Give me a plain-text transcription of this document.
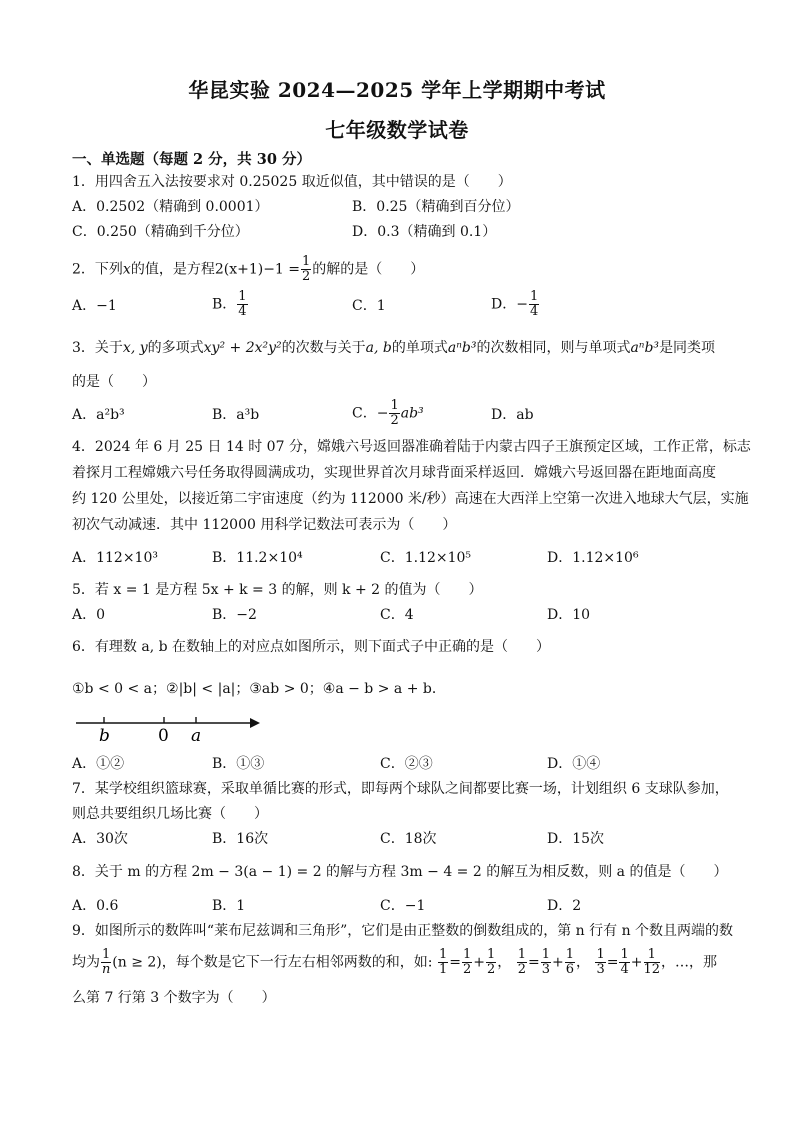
华昆实验 2024—2025 学年上学期期中考试
七年级数学试卷
一、单选题（每题 2 分，共 30 分）
1．用四舍五入法按要求对 0.25025 取近似值，其中错误的是（　　）
A．0.2502（精确到 0.0001）	B．0.25（精确到百分位）
C．0.250（精确到千分位）	D．0.3（精确到 0.1）
2．下列x的值，是方程$2(x+1)-1 = \frac{1}{2}$ 的解的是（　　）
A．−1	B． $\frac{1}{4}$	C．1	D．− $\frac{1}{4}$
3．关于x, y的多项式xy² + 2x²y²的次数与关于a, b的单项式aⁿb³的次数相同，则与单项式aⁿb³是同类项
的是（　　）
A．a²b³	B．a³b	C．− $\frac{1}{2} ab^3$	D．ab
4．2024 年 6 月 25 日 14 时 07 分，嫦娥六号返回器准确着陆于内蒙古四子王旗预定区域，工作正常，标志
着探月工程嫦娥六号任务取得圆满成功，实现世界首次月球背面采样返回．嫦娥六号返回器在距地面高度
约 120 公里处，以接近第二宇宙速度（约为 112000 米/秒）高速在大西洋上空第一次进入地球大气层，实施
初次气动减速．其中 112000 用科学记数法可表示为（　　）
A．112×10³	B．11.2×10⁴	C．1.12×10⁵	D．1.12×10⁶
5．若 x = 1 是方程 5x + k = 3 的解，则 k + 2 的值为（　　）
A．0	B．−2	C．4	D．10
6．有理数 a, b 在数轴上的对应点如图所示，则下面式子中正确的是（　　）
①b < 0 < a；②|b| < |a|；③ab > 0；④a − b > a + b．
b	0 a
A．①②	B．①③	C．②③	D．①④
7．某学校组织篮球赛，采取单循比赛的形式，即每两个球队之间都要比赛一场，计划组织 6 支球队参加，
则总共要组织几场比赛（　　）
A．30次	B．16次	C．18次	D．15次
8．关于 m 的方程 2m − 3(a − 1) = 2 的解与方程 3m − 4 = 2 的解互为相反数，则 a 的值是（　　）
A．0.6	B．1	C．−1	D．2
9．如图所示的数阵叫“莱布尼兹调和三角形”，它们是由正整数的倒数组成的，第 n 行有 n 个数且两端的数
均为 $\frac{1}{n} (n \ge 2)$，每个数是它下一行左右相邻两数的和，如: $\frac{1}{1} = \frac{1}{2} + \frac{1}{2}$ ， $\frac{1}{2} = \frac{1}{3} + \frac{1}{6}$ ， $\frac{1}{3} = \frac{1}{4} + \frac{1}{12}$ ，…，那
么第 7 行第 3 个数字为（　　）
